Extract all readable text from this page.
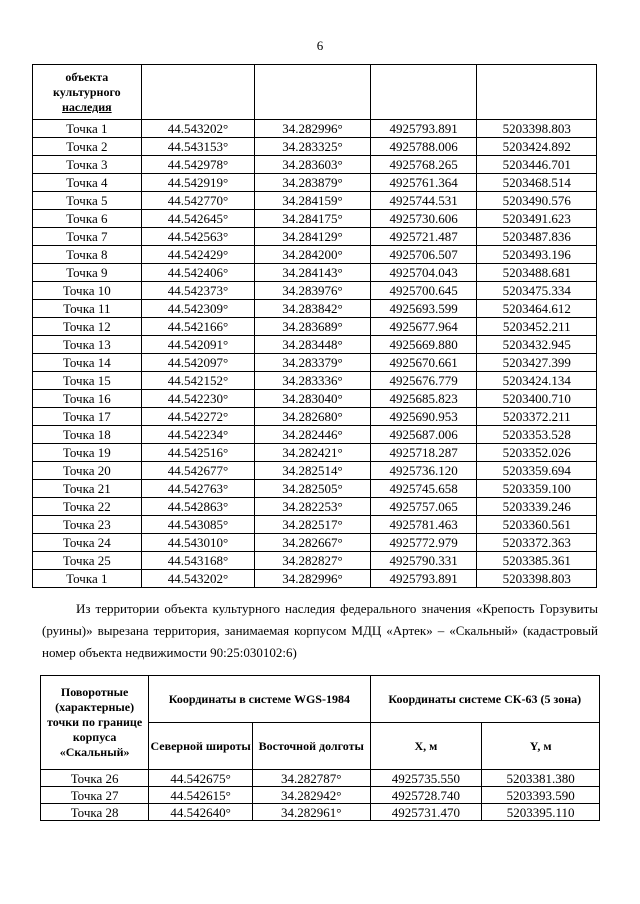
6
объекта
культурного
наследия				

Точка 1	44.543202°	34.282996°	4925793.891	5203398.803
Точка 2	44.543153°	34.283325°	4925788.006	5203424.892
Точка 3	44.542978°	34.283603°	4925768.265	5203446.701
Точка 4	44.542919°	34.283879°	4925761.364	5203468.514
Точка 5	44.542770°	34.284159°	4925744.531	5203490.576
Точка 6	44.542645°	34.284175°	4925730.606	5203491.623
Точка 7	44.542563°	34.284129°	4925721.487	5203487.836
Точка 8	44.542429°	34.284200°	4925706.507	5203493.196
Точка 9	44.542406°	34.284143°	4925704.043	5203488.681
Точка 10	44.542373°	34.283976°	4925700.645	5203475.334
Точка 11	44.542309°	34.283842°	4925693.599	5203464.612
Точка 12	44.542166°	34.283689°	4925677.964	5203452.211
Точка 13	44.542091°	34.283448°	4925669.880	5203432.945
Точка 14	44.542097°	34.283379°	4925670.661	5203427.399
Точка 15	44.542152°	34.283336°	4925676.779	5203424.134
Точка 16	44.542230°	34.283040°	4925685.823	5203400.710
Точка 17	44.542272°	34.282680°	4925690.953	5203372.211
Точка 18	44.542234°	34.282446°	4925687.006	5203353.528
Точка 19	44.542516°	34.282421°	4925718.287	5203352.026
Точка 20	44.542677°	34.282514°	4925736.120	5203359.694
Точка 21	44.542763°	34.282505°	4925745.658	5203359.100
Точка 22	44.542863°	34.282253°	4925757.065	5203339.246
Точка 23	44.543085°	34.282517°	4925781.463	5203360.561
Точка 24	44.543010°	34.282667°	4925772.979	5203372.363
Точка 25	44.543168°	34.282827°	4925790.331	5203385.361
Точка 1	44.543202°	34.282996°	4925793.891	5203398.803
Из территории объекта культурного наследия федерального значения «Крепость Горзувиты (руины)» вырезана территория, занимаемая корпусом МДЦ «Артек» – «Скальный» (кадастровый номер объекта недвижимости 90:25:030102:6)
Поворотные (характерные) точки по границе корпуса «Скальный»	Координаты в системе WGS-1984		Координаты системе СК-63 (5 зона)	
	Северной широты	Восточной долготы	X, м	Y, м
Точка 26	44.542675°	34.282787°	4925735.550	5203381.380
Точка 27	44.542615°	34.282942°	4925728.740	5203393.590
Точка 28	44.542640°	34.282961°	4925731.470	5203395.110
